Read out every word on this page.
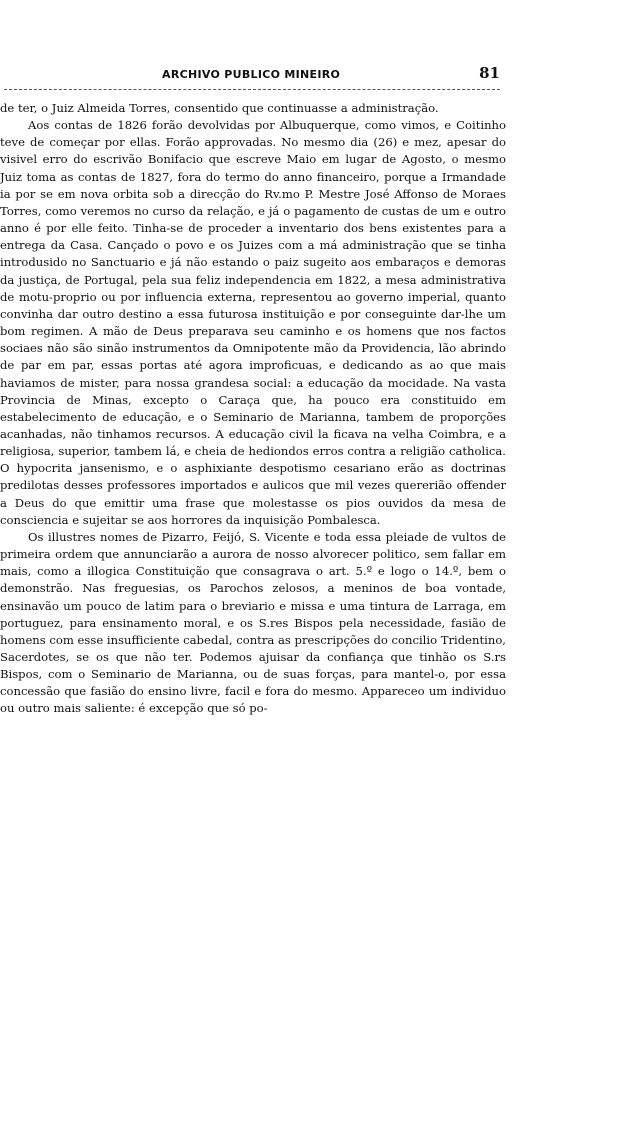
ARCHIVO PUBLICO MINEIRO	81

de ter, o Juiz Almeida Torres, consentido que continuasse a administração.

Aos contas de 1826 forão devolvidas por Albuquerque, como vimos, e Coitinho teve de começar por ellas. Forão approvadas. No mesmo dia (26) e mez, apesar do visivel erro do escrivão Bonifacio que escreve Maio em lugar de Agosto, o mesmo Juiz toma as contas de 1827, fora do termo do anno financeiro, porque a Irmandade ia por se em nova orbita sob a direcção do Rv.mo P. Mestre José Affonso de Moraes Torres, como veremos no curso da relação, e já o pagamento de custas de um e outro anno é por elle feito. Tinha-se de proceder a inventario dos bens existentes para a entrega da Casa. Cançado o povo e os Juizes com a má administração que se tinha introdusido no Sanctuario e já não estando o paiz sugeito aos embaraços e demoras da justiça, de Portugal, pela sua feliz independencia em 1822, a mesa administrativa de motu-proprio ou por influencia externa, representou ao governo imperial, quanto convinha dar outro destino a essa futurosa instituição e por conseguinte dar-lhe um bom regimen. A mão de Deus preparava seu caminho e os homens que nos factos sociaes não são sinão instrumentos da Omnipotente mão da Providencia, lão abrindo de par em par, essas portas até agora improficuas, e dedicando as ao que mais haviamos de mister, para nossa grandesa social: a educação da mocidade. Na vasta Provincia de Minas, excepto o Caraça que, ha pouco era constituido em estabelecimento de educação, e o Seminario de Marianna, tambem de proporções acanhadas, não tinhamos recursos. A educação civil la ficava na velha Coimbra, e a religiosa, superior, tambem lá, e cheia de hediondos erros contra a religião catholica. O hypocrita jansenismo, e o asphixiante despotismo cesariano erão as doctrinas predilotas desses professores importados e aulicos que mil vezes quererião offender a Deus do que emittir uma frase que molestasse os pios ouvidos da mesa de consciencia e sujeitar se aos horrores da inquisição Pombalesca.

Os illustres nomes de Pizarro, Feijó, S. Vicente e toda essa pleiade de vultos de primeira ordem que annunciarão a aurora de nosso alvorecer politico, sem fallar em mais, como a illogica Constituição que consagrava o art. 5.º e logo o 14.º, bem o demonstrão. Nas freguesias, os Parochos zelosos, a meninos de boa vontade, ensinavão um pouco de latim para o breviario e missa e uma tintura de Larraga, em portuguez, para ensinamento moral, e os S.res Bispos pela necessidade, fasião de homens com esse insufficiente cabedal, contra as prescripções do concilio Tridentino, Sacerdotes, se os que não ter. Podemos ajuisar da confiança que tinhão os S.rs Bispos, com o Seminario de Marianna, ou de suas forças, para mantel-o, por essa concessão que fasião do ensino livre, facil e fora do mesmo. Appareceo um individuo ou outro mais saliente: é excepção que só po-
